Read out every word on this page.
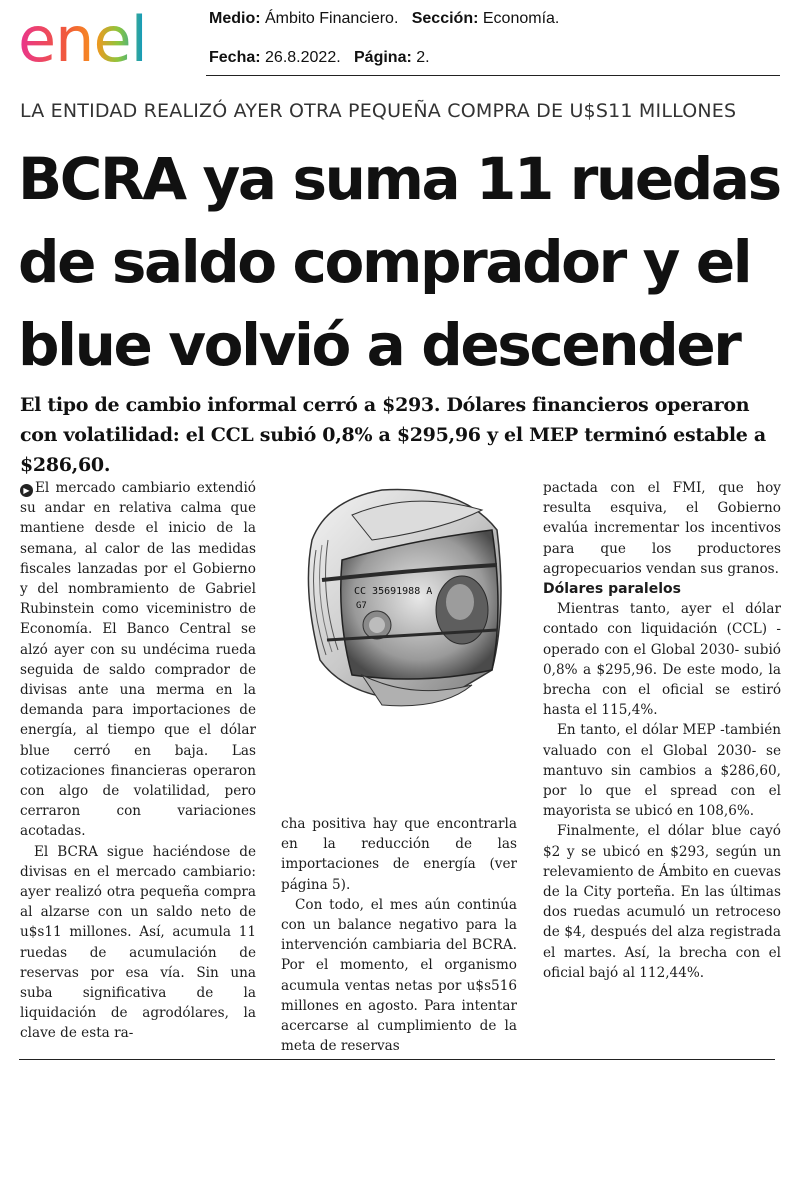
enel	Medio: Ámbito Financiero. Sección: Economía.
Fecha: 26.8.2022. Página: 2.
LA ENTIDAD REALIZÓ AYER OTRA PEQUEÑA COMPRA DE U$S11 MILLONES
BCRA ya suma 11 ruedas
de saldo comprador y el
blue volvió a descender
El tipo de cambio informal cerró a $293. Dólares financieros operaron con volatilidad: el CCL subió 0,8% a $295,96 y el MEP terminó estable a $286,60.

▶ El mercado cambiario extendió su andar en relativa calma que mantiene desde el inicio de la semana, al calor de las medidas fiscales lanzadas por el Gobierno y del nombramiento de Gabriel Rubinstein como viceministro de Economía. El Banco Central se alzó ayer con su undécima rueda seguida de saldo comprador de divisas ante una merma en la demanda para importaciones de energía, al tiempo que el dólar blue cerró en baja. Las cotizaciones financieras operaron con algo de volatilidad, pero cerraron con variaciones acotadas.

El BCRA sigue haciéndose de divisas en el mercado cambiario: ayer realizó otra pequeña compra al alzarse con un saldo neto de u$s11 millones. Así, acumula 11 ruedas de acumulación de reservas por esa vía. Sin una suba significativa de la liquidación de agrodólares, la clave de esta ra-

CC 35691988 A
G7

cha positiva hay que encontrarla en la reducción de las importaciones de energía (ver página 5).

Con todo, el mes aún continúa con un balance negativo para la intervención cambiaria del BCRA. Por el momento, el organismo acumula ventas netas por u$s516 millones en agosto. Para intentar acercarse al cumplimiento de la meta de reservas

pactada con el FMI, que hoy resulta esquiva, el Gobierno evalúa incrementar los incentivos para que los productores agropecuarios vendan sus granos.

Dólares paralelos

Mientras tanto, ayer el dólar contado con liquidación (CCL) -operado con el Global 2030- subió 0,8% a $295,96. De este modo, la brecha con el oficial se estiró hasta el 115,4%.

En tanto, el dólar MEP -también valuado con el Global 2030- se mantuvo sin cambios a $286,60, por lo que el spread con el mayorista se ubicó en 108,6%.

Finalmente, el dólar blue cayó $2 y se ubicó en $293, según un relevamiento de Ámbito en cuevas de la City porteña. En las últimas dos ruedas acumuló un retroceso de $4, después del alza registrada el martes. Así, la brecha con el oficial bajó al 112,44%.
